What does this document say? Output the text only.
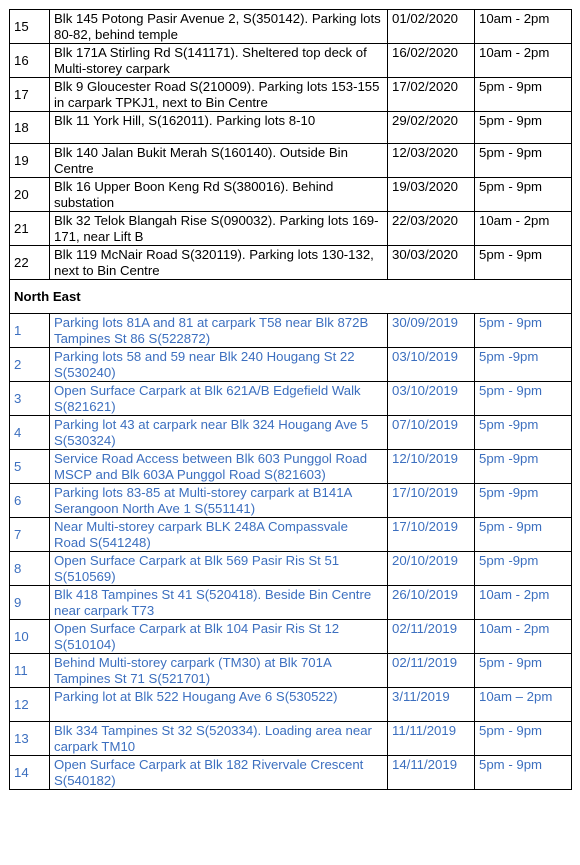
15	Blk 145 Potong Pasir Avenue 2, S(350142). Parking lots 80-82, behind temple	01/02/2020	10am - 2pm
16	Blk 171A Stirling Rd S(141171). Sheltered top deck of Multi-storey carpark	16/02/2020	10am - 2pm
17	Blk 9 Gloucester Road S(210009). Parking lots 153-155 in carpark TPKJ1, next to Bin Centre	17/02/2020	5pm - 9pm
18	Blk 11 York Hill, S(162011). Parking lots 8-10	29/02/2020	5pm - 9pm
19	Blk 140 Jalan Bukit Merah S(160140). Outside Bin Centre	12/03/2020	5pm - 9pm
20	Blk 16 Upper Boon Keng Rd S(380016). Behind substation	19/03/2020	5pm - 9pm
21	Blk 32 Telok Blangah Rise S(090032). Parking lots 169-171, near Lift B	22/03/2020	10am - 2pm
22	Blk 119 McNair Road S(320119). Parking lots 130-132, next to Bin Centre	30/03/2020	5pm - 9pm
North East			
1	Parking lots 81A and 81 at carpark T58 near Blk 872B Tampines St 86 S(522872)	30/09/2019	5pm - 9pm
2	Parking lots 58 and 59 near Blk 240 Hougang St 22 S(530240)	03/10/2019	5pm -9pm
3	Open Surface Carpark at Blk 621A/B Edgefield Walk S(821621)	03/10/2019	5pm - 9pm
4	Parking lot 43 at carpark near Blk 324 Hougang Ave 5 S(530324)	07/10/2019	5pm -9pm
5	Service Road Access between Blk 603 Punggol Road MSCP and Blk 603A Punggol Road S(821603)	12/10/2019	5pm -9pm
6	Parking lots 83-85 at Multi-storey carpark at B141A Serangoon North Ave 1 S(551141)	17/10/2019	5pm -9pm
7	Near Multi-storey carpark BLK 248A Compassvale Road S(541248)	17/10/2019	5pm - 9pm
8	Open Surface Carpark at Blk 569 Pasir Ris St 51 S(510569)	20/10/2019	5pm -9pm
9	Blk 418 Tampines St 41 S(520418). Beside Bin Centre near carpark T73	26/10/2019	10am - 2pm
10	Open Surface Carpark at Blk 104 Pasir Ris St 12 S(510104)	02/11/2019	10am - 2pm
11	Behind Multi-storey carpark (TM30) at Blk 701A Tampines St 71 S(521701)	02/11/2019	5pm - 9pm
12	Parking lot at Blk 522 Hougang Ave 6 S(530522)	3/11/2019	10am – 2pm
13	Blk 334 Tampines St 32 S(520334). Loading area near carpark TM10	11/11/2019	5pm - 9pm
14	Open Surface Carpark at Blk 182 Rivervale Crescent S(540182)	14/11/2019	5pm - 9pm
